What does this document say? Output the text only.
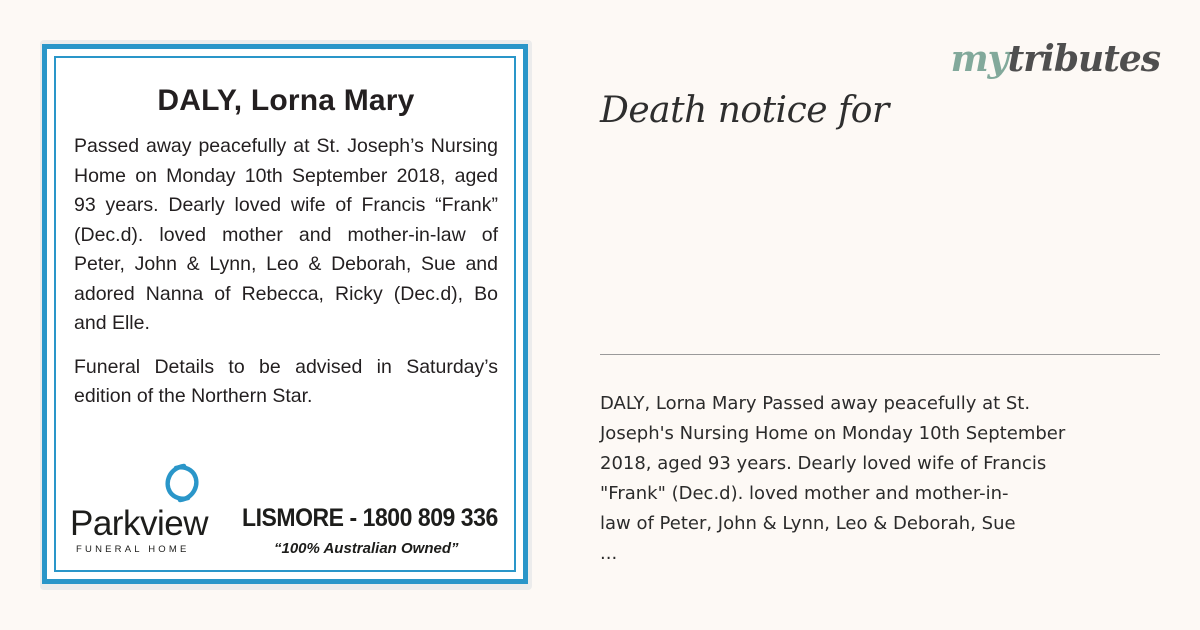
DALY, Lorna Mary

Passed away peacefully at St. Joseph’s Nursing Home on Monday 10th September 2018, aged 93 years. Dearly loved wife of Francis “Frank” (Dec.d). loved mother and mother-in-law of Peter, John & Lynn, Leo & Deborah, Sue and adored Nanna of Rebecca, Ricky (Dec.d), Bo and Elle.

Funeral Details to be advised in Saturday’s edition of the Northern Star.

Parkview
FUNERAL HOME
LISMORE - 1800 809 336
“100% Australian Owned”
mytributes
Death notice for

DALY, Lorna Mary Passed away peacefully at St.

Joseph's Nursing Home on Monday 10th September

2018, aged 93 years. Dearly loved wife of Francis

"Frank" (Dec.d). loved mother and mother-in-

law of Peter, John & Lynn, Leo & Deborah, Sue

...
